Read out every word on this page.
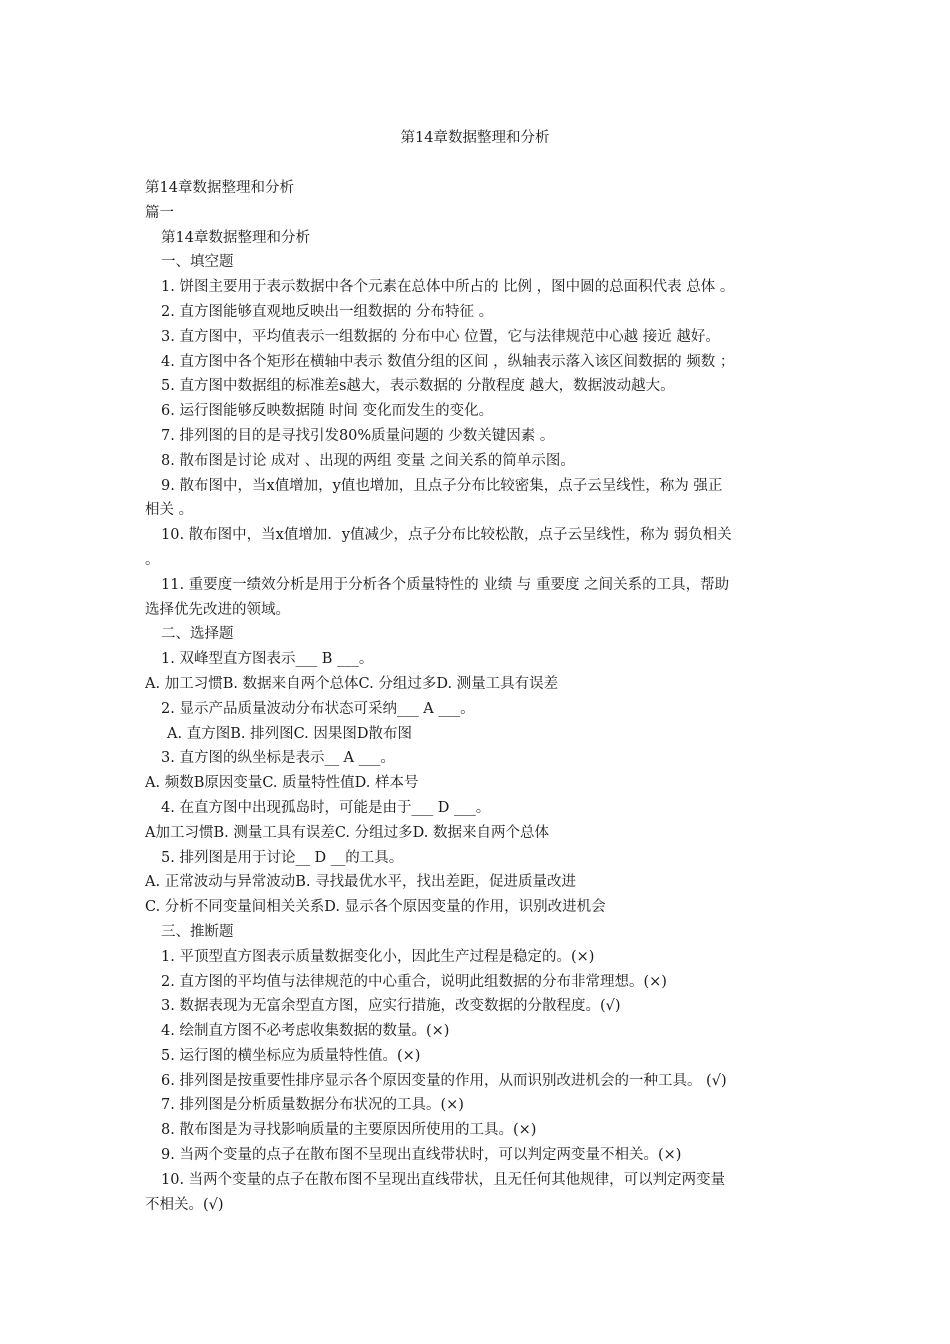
第14章数据整理和分析
第14章数据整理和分析
篇一
第14章数据整理和分析
一、填空题
1. 饼图主要用于表示数据中各个元素在总体中所占的 比例 ，图中圆的总面积代表 总体 。
2. 直方图能够直观地反映出一组数据的 分布特征 。
3. 直方图中，平均值表示一组数据的 分布中心 位置，它与法律规范中心越 接近 越好。
4. 直方图中各个矩形在横轴中表示 数值分组的区间 ，纵轴表示落入该区间数据的 频数 ；
5. 直方图中数据组的标准差s越大，表示数据的 分散程度 越大，数据波动越大。
6. 运行图能够反映数据随 时间 变化而发生的变化。
7. 排列图的目的是寻找引发80%质量问题的 少数关键因素 。
8. 散布图是讨论 成对 、出现的两组 变量 之间关系的简单示图。
9. 散布图中，当x值增加，y值也增加，且点子分布比较密集，点子云呈线性，称为 强正
相关 。
10. 散布图中，当x值增加．y值减少，点子分布比较松散，点子云呈线性，称为 弱负相关
。
11. 重要度一绩效分析是用于分析各个质量特性的 业绩 与 重要度 之间关系的工具，帮助
选择优先改进的领域。
二、选择题
1. 双峰型直方图表示___ B ___。
A. 加工习惯B. 数据来自两个总体C. 分组过多D. 测量工具有误差
2. 显示产品质量波动分布状态可采纳___ A ___。
A. 直方图B. 排列图C. 因果图D散布图
3. 直方图的纵坐标是表示__ A ___。
A. 频数B原因变量C. 质量特性值D. 样本号
4. 在直方图中出现孤岛时，可能是由于___ D ___。
A加工习惯B. 测量工具有误差C. 分组过多D. 数据来自两个总体
5. 排列图是用于讨论__ D __的工具。
A. 正常波动与异常波动B. 寻找最优水平，找出差距，促进质量改进
C. 分析不同变量间相关关系D. 显示各个原因变量的作用，识别改进机会
三、推断题
1. 平顶型直方图表示质量数据变化小，因此生产过程是稳定的。(×)
2. 直方图的平均值与法律规范的中心重合，说明此组数据的分布非常理想。(×)
3. 数据表现为无富余型直方图，应实行措施，改变数据的分散程度。(√)
4. 绘制直方图不必考虑收集数据的数量。(×)
5. 运行图的横坐标应为质量特性值。(×)
6. 排列图是按重要性排序显示各个原因变量的作用，从而识别改进机会的一种工具。 (√)
7. 排列图是分析质量数据分布状况的工具。(×)
8. 散布图是为寻找影响质量的主要原因所使用的工具。(×)
9. 当两个变量的点子在散布图不呈现出直线带状时，可以判定两变量不相关。(×)
10. 当两个变量的点子在散布图不呈现出直线带状，且无任何其他规律，可以判定两变量
不相关。(√)
